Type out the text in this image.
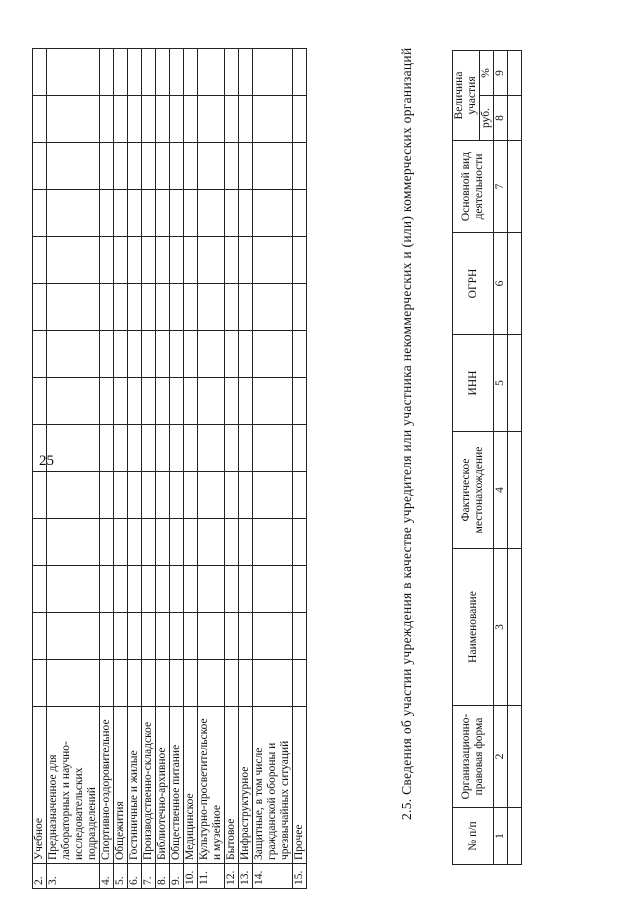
25
2.	Учебное														
3.	Предназначенное для лабораторных и научно-исследовательских подразделений														
4.	Спортивно-оздоровительное														
5.	Общежития														
6.	Гостиничные и жилые														
7.	Производственно-складское														
8.	Библиотечно-архивное														
9.	Общественное питание														
10.	Медицинское														
11.	Культурно-просветительское и музейное														
12.	Бытовое														
13.	Инфраструктурное														
14.	Защитные, в том числе гражданской обороны и чрезвычайных ситуаций														
15.	Прочее														
2.5. Сведения об участии учреждения в качестве учредителя или участника некоммерческих и (или) коммерческих организаций
№ п/п	Организационно-правовая форма	Наименование	Фактическое местонахождение	ИНН	ОГРН	Основной вид деятельности	Величина участия	
							руб.	%
1	2	3	4	5	6	7	8	9
